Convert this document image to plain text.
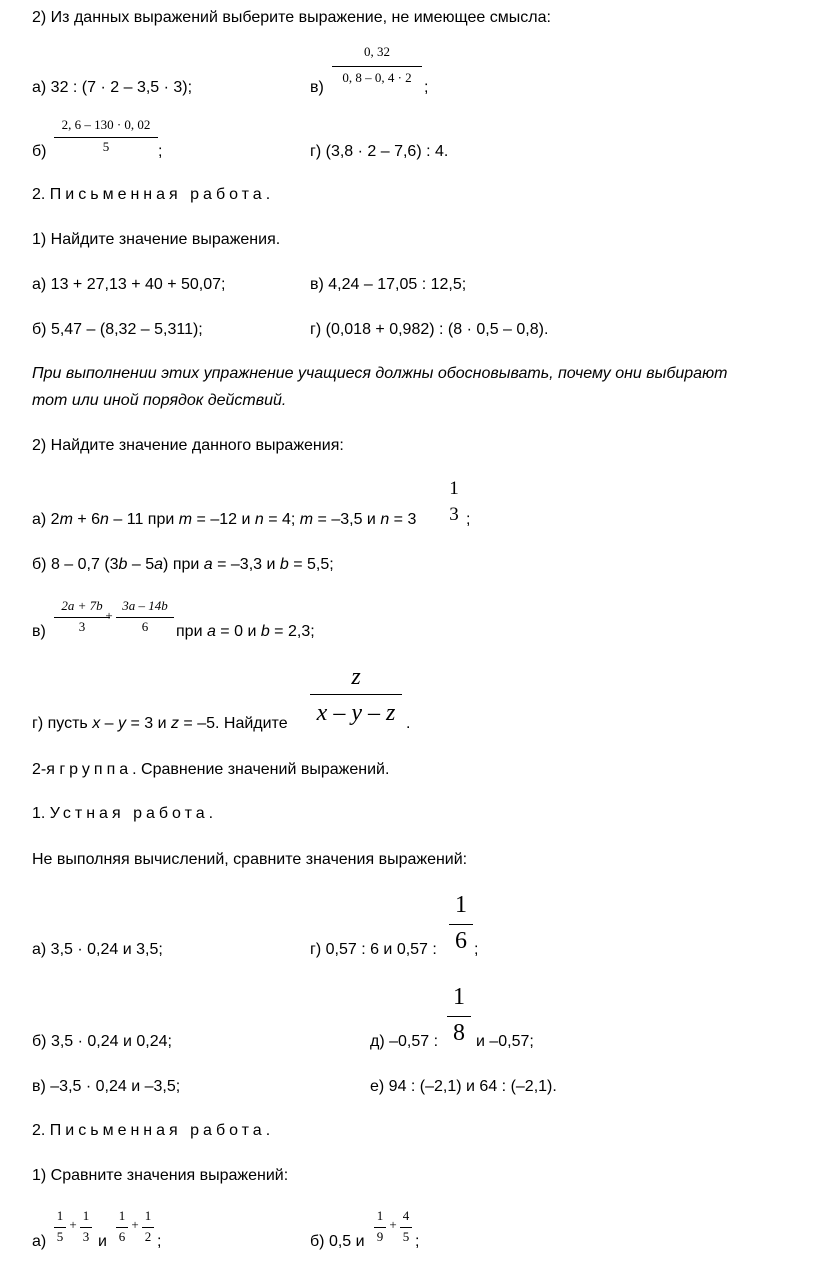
2) Из данных выражений выберите выражение, не имеющее смысла:
а) 32 : (7 · 2 – 3,5 · 3);	в)
0, 32
0, 8 – 0, 4 · 2
;
б)
2, 6 – 130 · 0, 02
5	;	г) (3,8 · 2 – 7,6) : 4.
2. Письменная работа.
1) Найдите значение выражения.
а) 13 + 27,13 + 40 + 50,07;	в) 4,24 – 17,05 : 12,5;
б) 5,47 – (8,32 – 5,311);	г) (0,018 + 0,982) : (8 · 0,5 – 0,8).
При выполнении этих упражнение учащиеся должны обосновывать, почему они выбирают
тот или иной порядок действий.
2) Найдите значение данного выражения:
а) 2m + 6n – 11 при m = –12 и n = 4; m = –3,5 и n = 3
1
3 ;
б) 8 – 0,7 (3b – 5a) при a = –3,3 и b = 5,5;
в)
2a + 7b
3
+
3a – 14b
6	при a = 0 и b = 2,3;
г) пусть x – y = 3 и z = –5. Найдите
z
x – y – z .
2-я группа. Сравнение значений выражений.
1. Устная работа.
Не выполняя вычислений, сравните значения выражений:
а) 3,5 · 0,24 и 3,5;	г) 0,57 : 6 и 0,57 :
1
6 ;
б) 3,5 · 0,24 и 0,24;	д) –0,57 :
1
8 и –0,57;
в) –3,5 · 0,24 и –3,5;	е) 94 : (–2,1) и 64 : (–2,1).
2. Письменная работа.
1) Сравните значения выражений:
а)
1
5
+
1
3 и
1
6
+
1
2 ;	б) 0,5 и
1
9
+
4
5 ;
